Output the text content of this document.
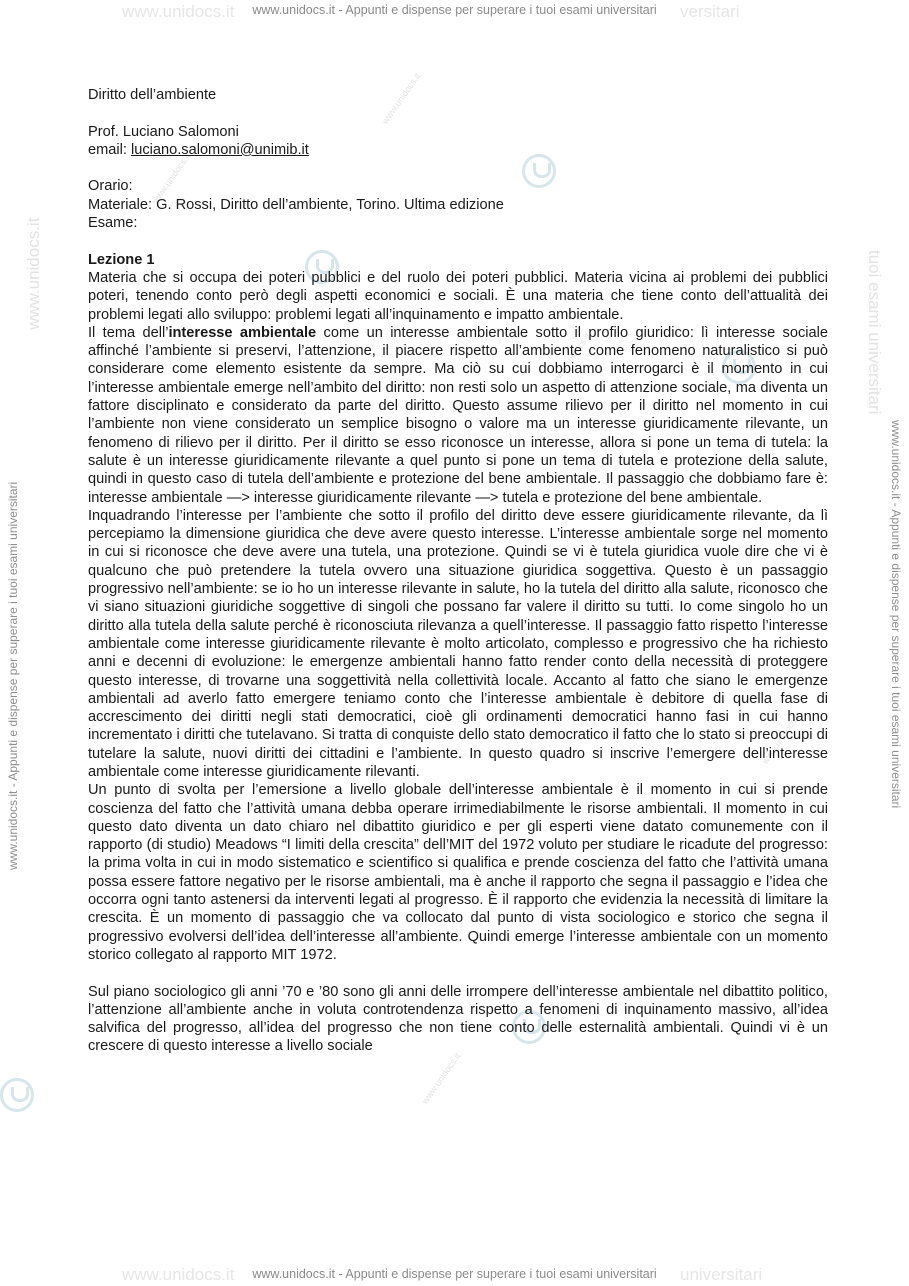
www.unidocs.it - Appunti e dispense per superare i tuoi esami universitari
www.unidocs.it - Appunti e dispense per superare i tuoi esami universitari
www.unidocs.it	versitari
www.unidocs.it	universitari
www.unidocs.it - Appunti e dispense per superare i tuoi esami universitari	www.unidocs.it - Appunti e dispense per superare i tuoi esami universitari
www.unidocs.it	tuoi esami universitari
www.unidocs.it
www.unidocs.it
www.unidocs.it
www.unidocs.it
www.unidocs.it
www.unidocs.it

Diritto dell’ambiente

Prof. Luciano Salomoni

email: luciano.salomoni@unimib.it

Orario:

Materiale: G. Rossi, Diritto dell’ambiente, Torino. Ultima edizione

Esame:

Lezione 1

Materia che si occupa dei poteri pubblici e del ruolo dei poteri pubblici. Materia vicina ai problemi dei pubblici poteri, tenendo conto però degli aspetti economici e sociali. È una materia che tiene conto dell’attualità dei problemi legati allo sviluppo: problemi legati all’inquinamento e impatto ambientale.

Il tema dell’interesse ambientale come un interesse ambientale sotto il profilo giuridico: lì interesse sociale affinché l’ambiente si preservi, l’attenzione, il piacere rispetto all’ambiente come fenomeno naturalistico si può considerare come elemento esistente da sempre. Ma ciò su cui dobbiamo interrogarci è il momento in cui l’interesse ambientale emerge nell’ambito del diritto: non resti solo un aspetto di attenzione sociale, ma diventa un fattore disciplinato e considerato da parte del diritto. Questo assume rilievo per il diritto nel momento in cui l’ambiente non viene considerato un semplice bisogno o valore ma un interesse giuridicamente rilevante, un fenomeno di rilievo per il diritto. Per il diritto se esso riconosce un interesse, allora si pone un tema di tutela: la salute è un interesse giuridicamente rilevante a quel punto si pone un tema di tutela e protezione della salute, quindi in questo caso di tutela dell’ambiente e protezione del bene ambientale. Il passaggio che dobbiamo fare è: interesse ambientale —> interesse giuridicamente rilevante —> tutela e protezione del bene ambientale.

Inquadrando l’interesse per l’ambiente che sotto il profilo del diritto deve essere giuridicamente rilevante, da lì percepiamo la dimensione giuridica che deve avere questo interesse. L’interesse ambientale sorge nel momento in cui si riconosce che deve avere una tutela, una protezione. Quindi se vi è tutela giuridica vuole dire che vi è qualcuno che può pretendere la tutela ovvero una situazione giuridica soggettiva. Questo è un passaggio progressivo nell’ambiente: se io ho un interesse rilevante in salute, ho la tutela del diritto alla salute, riconosco che vi siano situazioni giuridiche soggettive di singoli che possano far valere il diritto su tutti. Io come singolo ho un diritto alla tutela della salute perché è riconosciuta rilevanza a quell’interesse. Il passaggio fatto rispetto l’interesse ambientale come interesse giuridicamente rilevante è molto articolato, complesso e progressivo che ha richiesto anni e decenni di evoluzione: le emergenze ambientali hanno fatto render conto della necessità di proteggere questo interesse, di trovarne una soggettività nella collettività locale. Accanto al fatto che siano le emergenze ambientali ad averlo fatto emergere teniamo conto che l’interesse ambientale è debitore di quella fase di accrescimento dei diritti negli stati democratici, cioè gli ordinamenti democratici hanno fasi in cui hanno incrementato i diritti che tutelavano. Si tratta di conquiste dello stato democratico il fatto che lo stato si preoccupi di tutelare la salute, nuovi diritti dei cittadini e l’ambiente. In questo quadro si inscrive l’emergere dell’interesse ambientale come interesse giuridicamente rilevanti.

Un punto di svolta per l’emersione a livello globale dell’interesse ambientale è il momento in cui si prende coscienza del fatto che l’attività umana debba operare irrimediabilmente le risorse ambientali. Il momento in cui questo dato diventa un dato chiaro nel dibattito giuridico e per gli esperti viene datato comunemente con il rapporto (di studio) Meadows “I limiti della crescita” dell’MIT del 1972 voluto per studiare le ricadute del progresso: la prima volta in cui in modo sistematico e scientifico si qualifica e prende coscienza del fatto che l’attività umana possa essere fattore negativo per le risorse ambientali, ma è anche il rapporto che segna il passaggio e l’idea che occorra ogni tanto astenersi da interventi legati al progresso. È il rapporto che evidenzia la necessità di limitare la crescita. È un momento di passaggio che va collocato dal punto di vista sociologico e storico che segna il progressivo evolversi dell’idea dell’interesse all’ambiente. Quindi emerge l’interesse ambientale con un momento storico collegato al rapporto MIT 1972.

Sul piano sociologico gli anni ’70 e ’80 sono gli anni delle irrompere dell’interesse ambientale nel dibattito politico, l’attenzione all’ambiente anche in voluta controtendenza rispetto a fenomeni di inquinamento massivo, all’idea salvifica del progresso, all’idea del progresso che non tiene conto delle esternalità ambientali. Quindi vi è un crescere di questo interesse a livello sociale
